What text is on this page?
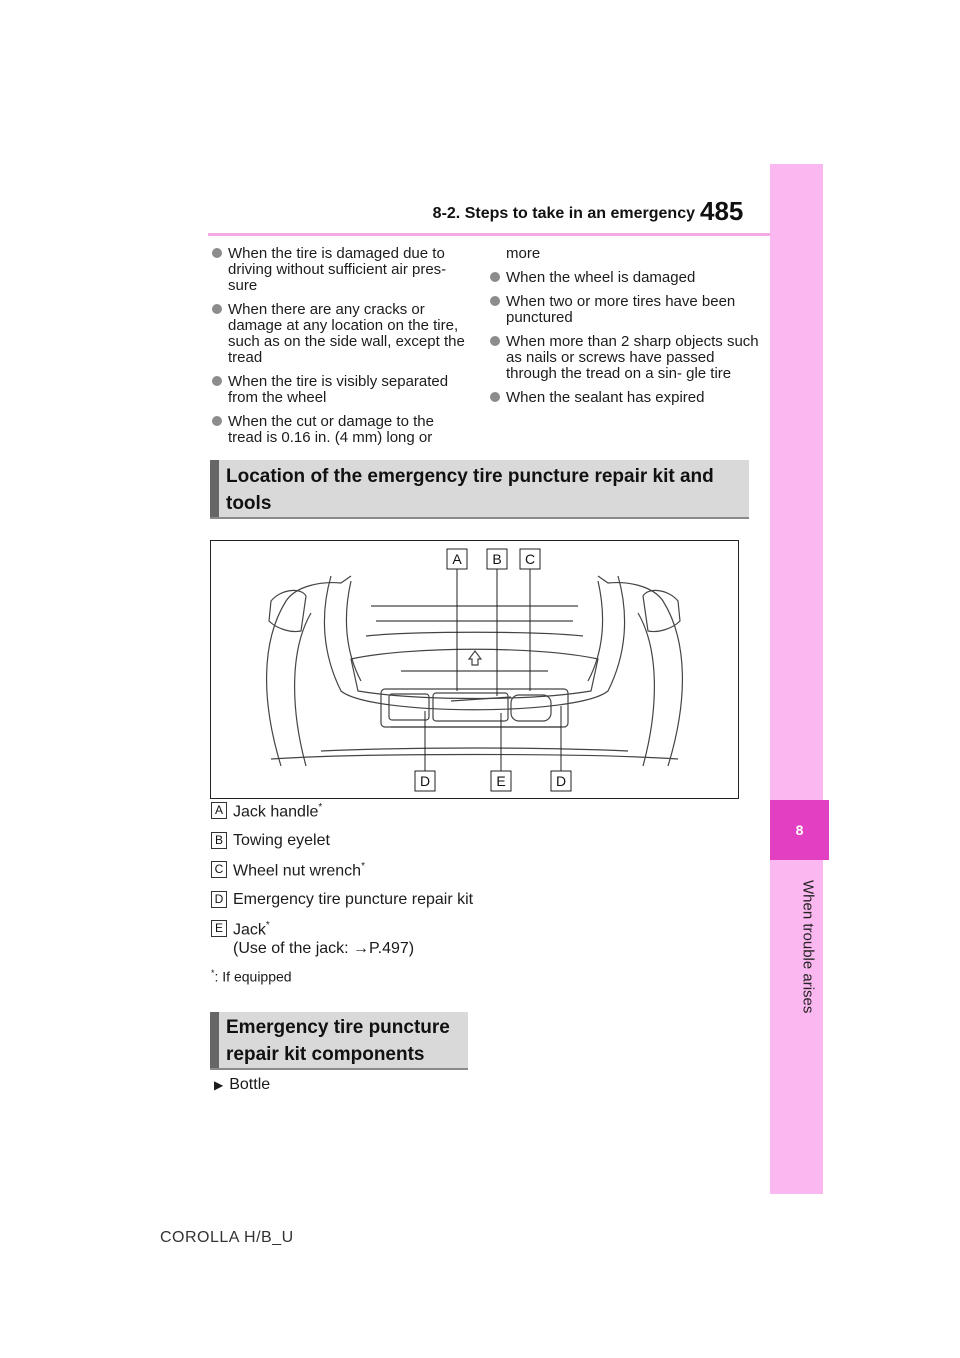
8-2. Steps to take in an emergency 485
8
When trouble arises
When the tire is damaged due to driving without sufficient air pres- sure
When there are any cracks or damage at any location on the tire, such as on the side wall, except the tread
When the tire is visibly separated from the wheel
When the cut or damage to the tread is 0.16 in. (4 mm) long or
more
When the wheel is damaged
When two or more tires have been punctured
When more than 2 sharp objects such as nails or screws have passed through the tread on a sin- gle tire
When the sealant has expired
Location of the emergency tire puncture repair kit and tools
A B C
D	E	D
A Jack handle*
B Towing eyelet
C Wheel nut wrench*
D Emergency tire puncture repair kit
E Jack*
(Use of the jack: →P.497)
*: If equipped
Emergency tire puncture repair kit components
▶ Bottle
COROLLA H/B_U
